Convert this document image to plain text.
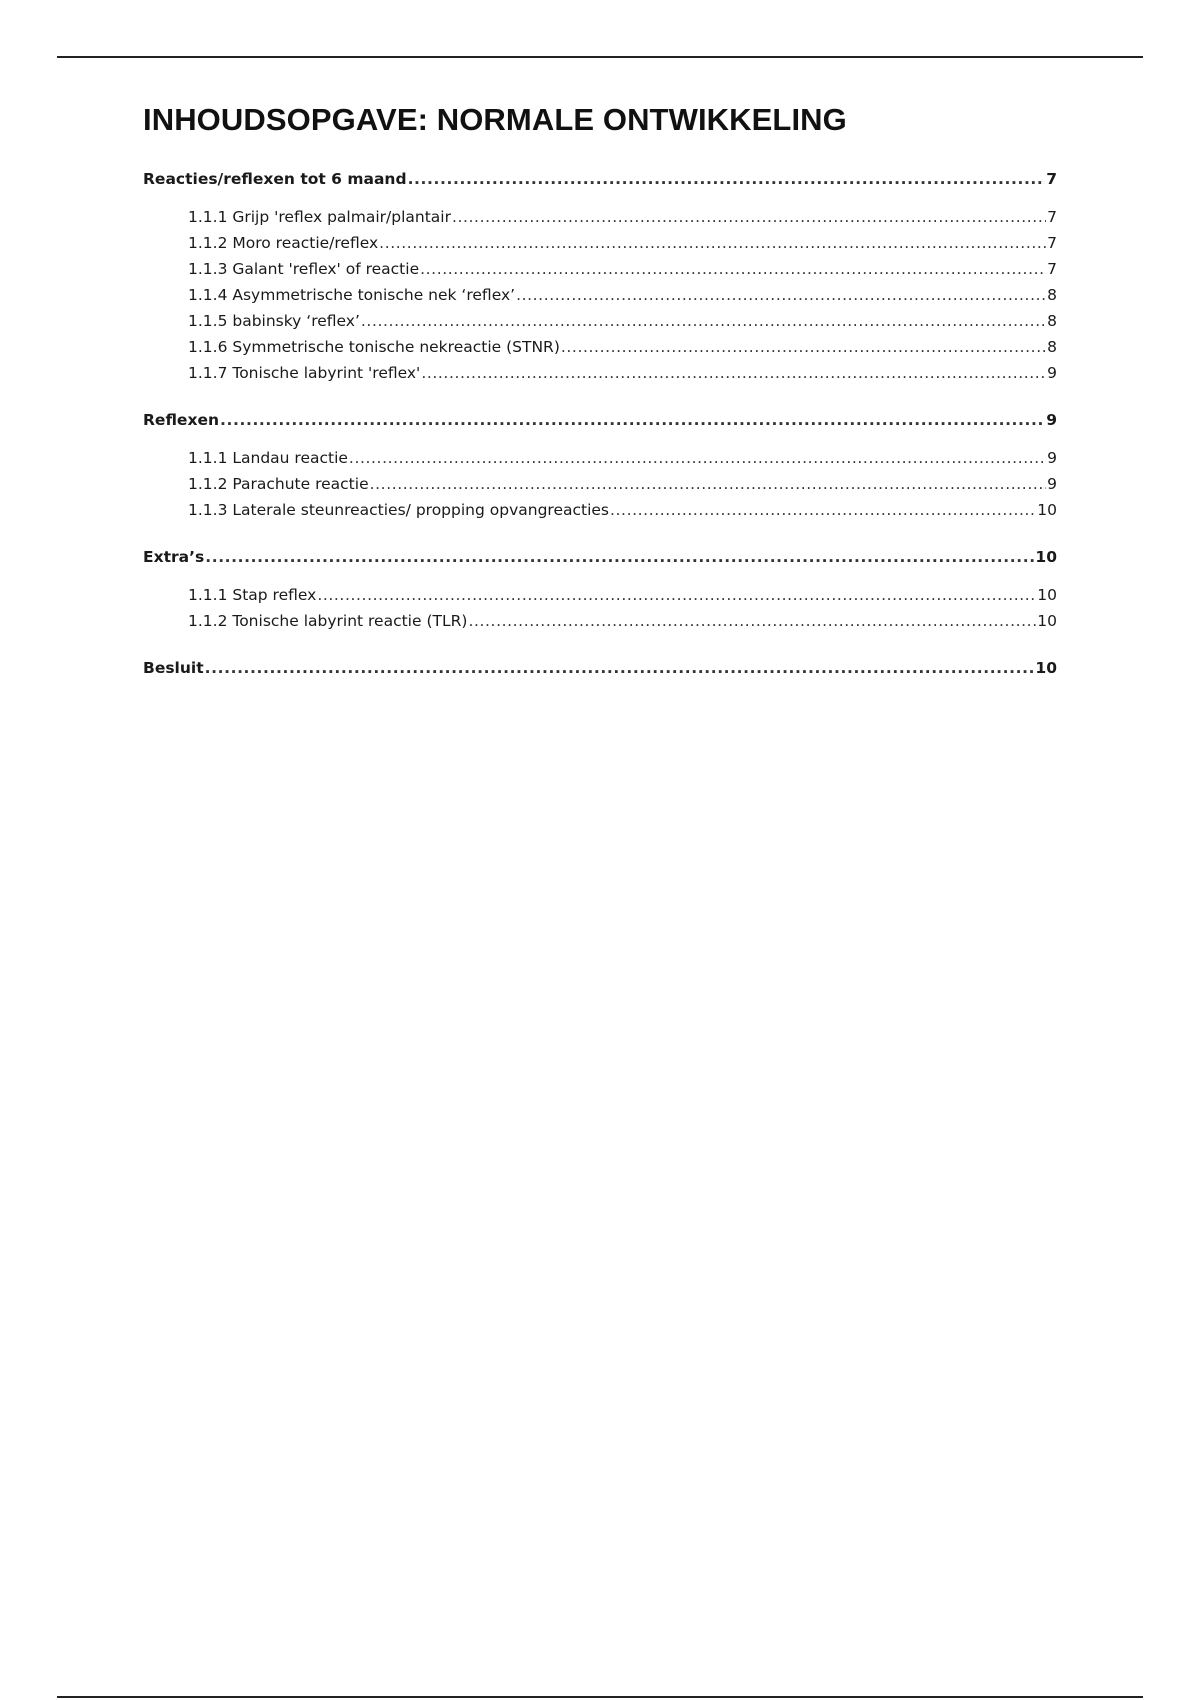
INHOUDSOPGAVE: NORMALE ONTWIKKELING
Reacties/reflexen tot 6 maand .....	7
1.1.1 Grijp 'reflex palmair/plantair .....	7
1.1.2 Moro reactie/reflex .....	7
1.1.3 Galant 'reflex' of reactie .....	7
1.1.4 Asymmetrische tonische nek ‘reflex’ .....	8
1.1.5 babinsky ‘reflex’ .....	8
1.1.6 Symmetrische tonische nekreactie (STNR) .....	8
1.1.7 Tonische labyrint 'reflex' .....	9
Reflexen .....	9
1.1.1 Landau reactie .....	9
1.1.2 Parachute reactie .....	9
1.1.3 Laterale steunreacties/ propping opvangreacties .....	10
Extra’s .....	10
1.1.1 Stap reflex .....	10
1.1.2 Tonische labyrint reactie (TLR) .....	10
Besluit .....	10
